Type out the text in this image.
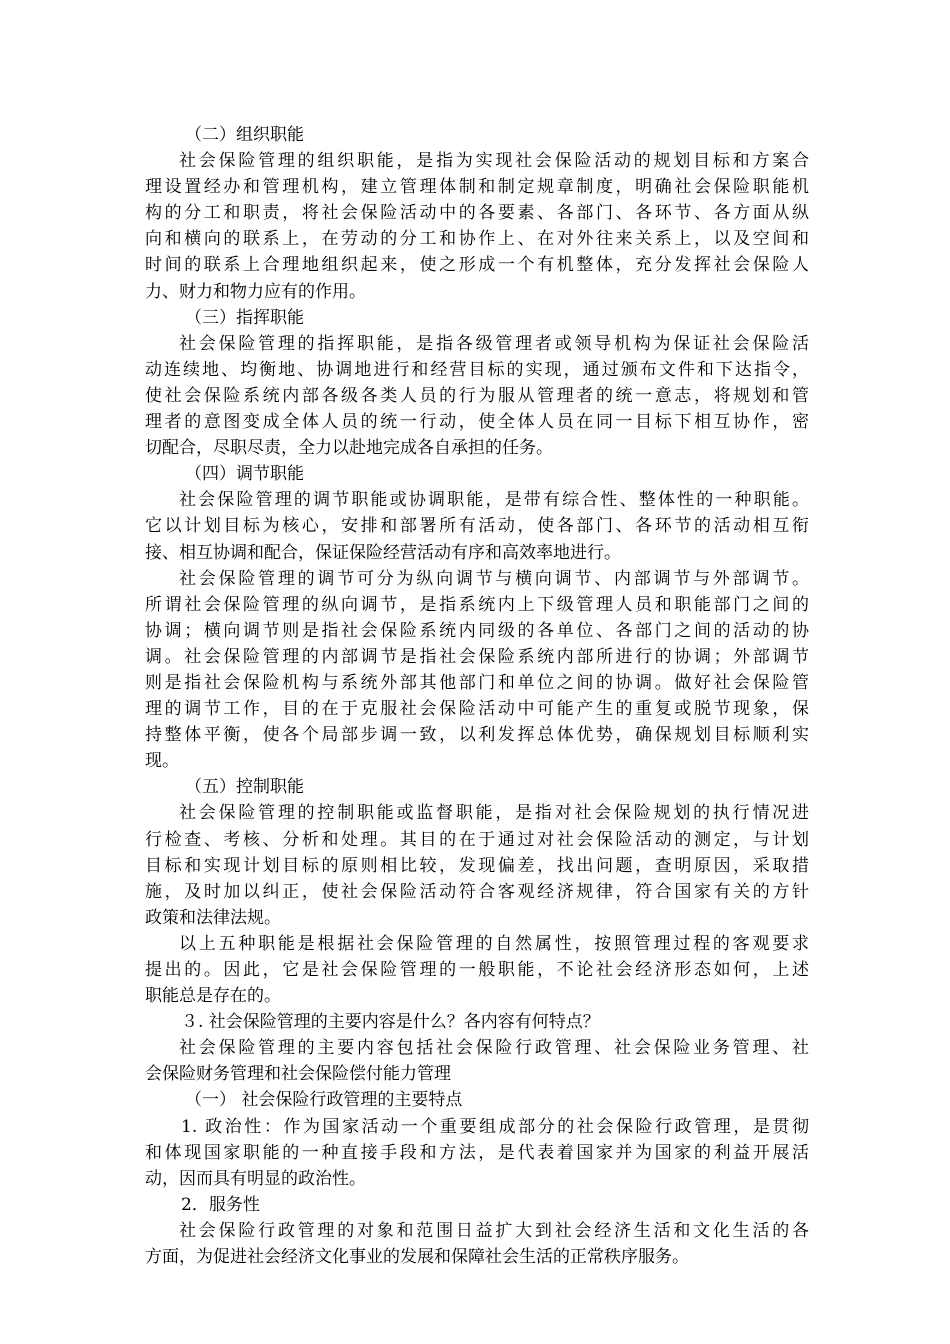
（二）组织职能
社会保险管理的组织职能，是指为实现社会保险活动的规划目标和方案合
理设置经办和管理机构，建立管理体制和制定规章制度，明确社会保险职能机
构的分工和职责，将社会保险活动中的各要素、各部门、各环节、各方面从纵
向和横向的联系上，在劳动的分工和协作上、在对外往来关系上，以及空间和
时间的联系上合理地组织起来，使之形成一个有机整体，充分发挥社会保险人
力、财力和物力应有的作用。
（三）指挥职能
社会保险管理的指挥职能，是指各级管理者或领导机构为保证社会保险活
动连续地、均衡地、协调地进行和经营目标的实现，通过颁布文件和下达指令，
使社会保险系统内部各级各类人员的行为服从管理者的统一意志，将规划和管
理者的意图变成全体人员的统一行动，使全体人员在同一目标下相互协作，密
切配合，尽职尽责，全力以赴地完成各自承担的任务。
（四）调节职能
社会保险管理的调节职能或协调职能，是带有综合性、整体性的一种职能。
它以计划目标为核心，安排和部署所有活动，使各部门、各环节的活动相互衔
接、相互协调和配合，保证保险经营活动有序和高效率地进行。
社会保险管理的调节可分为纵向调节与横向调节、内部调节与外部调节。
所谓社会保险管理的纵向调节，是指系统内上下级管理人员和职能部门之间的
协调；横向调节则是指社会保险系统内同级的各单位、各部门之间的活动的协
调。社会保险管理的内部调节是指社会保险系统内部所进行的协调；外部调节
则是指社会保险机构与系统外部其他部门和单位之间的协调。做好社会保险管
理的调节工作，目的在于克服社会保险活动中可能产生的重复或脱节现象，保
持整体平衡，使各个局部步调一致，以利发挥总体优势，确保规划目标顺利实
现。
（五）控制职能
社会保险管理的控制职能或监督职能，是指对社会保险规划的执行情况进
行检查、考核、分析和处理。其目的在于通过对社会保险活动的测定，与计划
目标和实现计划目标的原则相比较，发现偏差，找出问题，查明原因，采取措
施，及时加以纠正，使社会保险活动符合客观经济规律，符合国家有关的方针
政策和法律法规。
以上五种职能是根据社会保险管理的自然属性，按照管理过程的客观要求
提出的。因此，它是社会保险管理的一般职能，不论社会经济形态如何，上述
职能总是存在的。
３. 社会保险管理的主要内容是什么？各内容有何特点？
社会保险管理的主要内容包括社会保险行政管理、社会保险业务管理、社
会保险财务管理和社会保险偿付能力管理
（一） 社会保险行政管理的主要特点
1. 政治性：作为国家活动一个重要组成部分的社会保险行政管理，是贯彻
和体现国家职能的一种直接手段和方法，是代表着国家并为国家的利益开展活
动，因而具有明显的政治性。
2．服务性
社会保险行政管理的对象和范围日益扩大到社会经济生活和文化生活的各
方面，为促进社会经济文化事业的发展和保障社会生活的正常秩序服务。
